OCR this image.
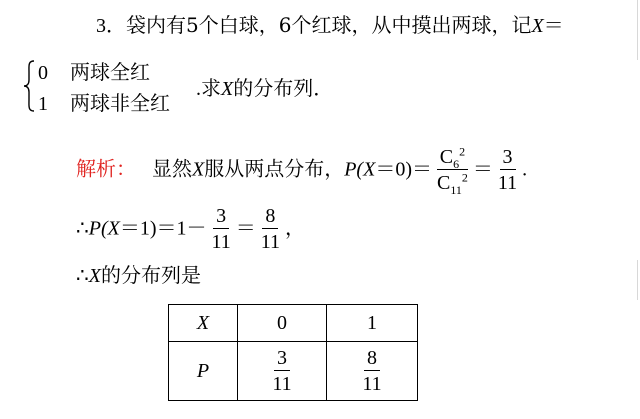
3．袋内有5个白球，6个红球，从中摸出两球，记X＝
0 两球全红
1 两球非全红
.求X的分布列．
解析： 显然X服从两点分布，$P(X=0)= \frac{C_6^2}{C_{11}^2} = \frac{3}{11}$ .
∴P(X＝1)＝1－ $\frac{3}{11} = \frac{8}{11}$ ，
∴X的分布列是
X	0	1
P	$\frac{3}{11}$	$\frac{8}{11}$
